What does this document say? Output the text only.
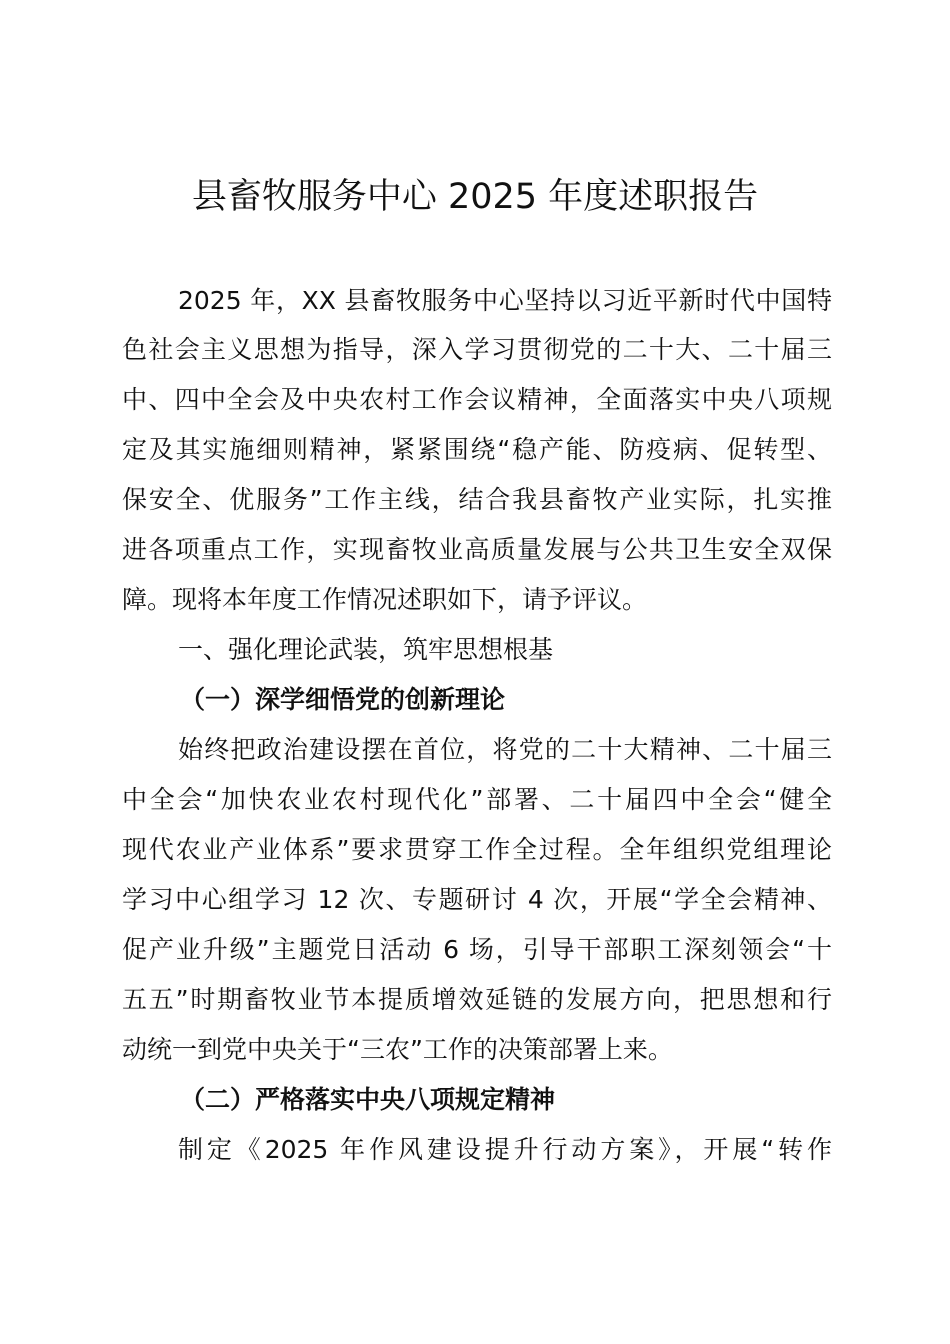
县畜牧服务中心 2025 年度述职报告
2025 年，XX 县畜牧服务中心坚持以习近平新时代中国特
色社会主义思想为指导，深入学习贯彻党的二十大、二十届三
中、四中全会及中央农村工作会议精神，全面落实中央八项规
定及其实施细则精神，紧紧围绕“稳产能、防疫病、促转型、
保安全、优服务”工作主线，结合我县畜牧产业实际，扎实推
进各项重点工作，实现畜牧业高质量发展与公共卫生安全双保
障。现将本年度工作情况述职如下，请予评议。
一、强化理论武装，筑牢思想根基
（一）深学细悟党的创新理论
始终把政治建设摆在首位，将党的二十大精神、二十届三
中全会“加快农业农村现代化”部署、二十届四中全会“健全
现代农业产业体系”要求贯穿工作全过程。全年组织党组理论
学习中心组学习 12 次、专题研讨 4 次，开展“学全会精神、
促产业升级”主题党日活动 6 场，引导干部职工深刻领会“十
五五”时期畜牧业节本提质增效延链的发展方向，把思想和行
动统一到党中央关于“三农”工作的决策部署上来。
（二）严格落实中央八项规定精神
制定《2025 年作风建设提升行动方案》，开展“转作
